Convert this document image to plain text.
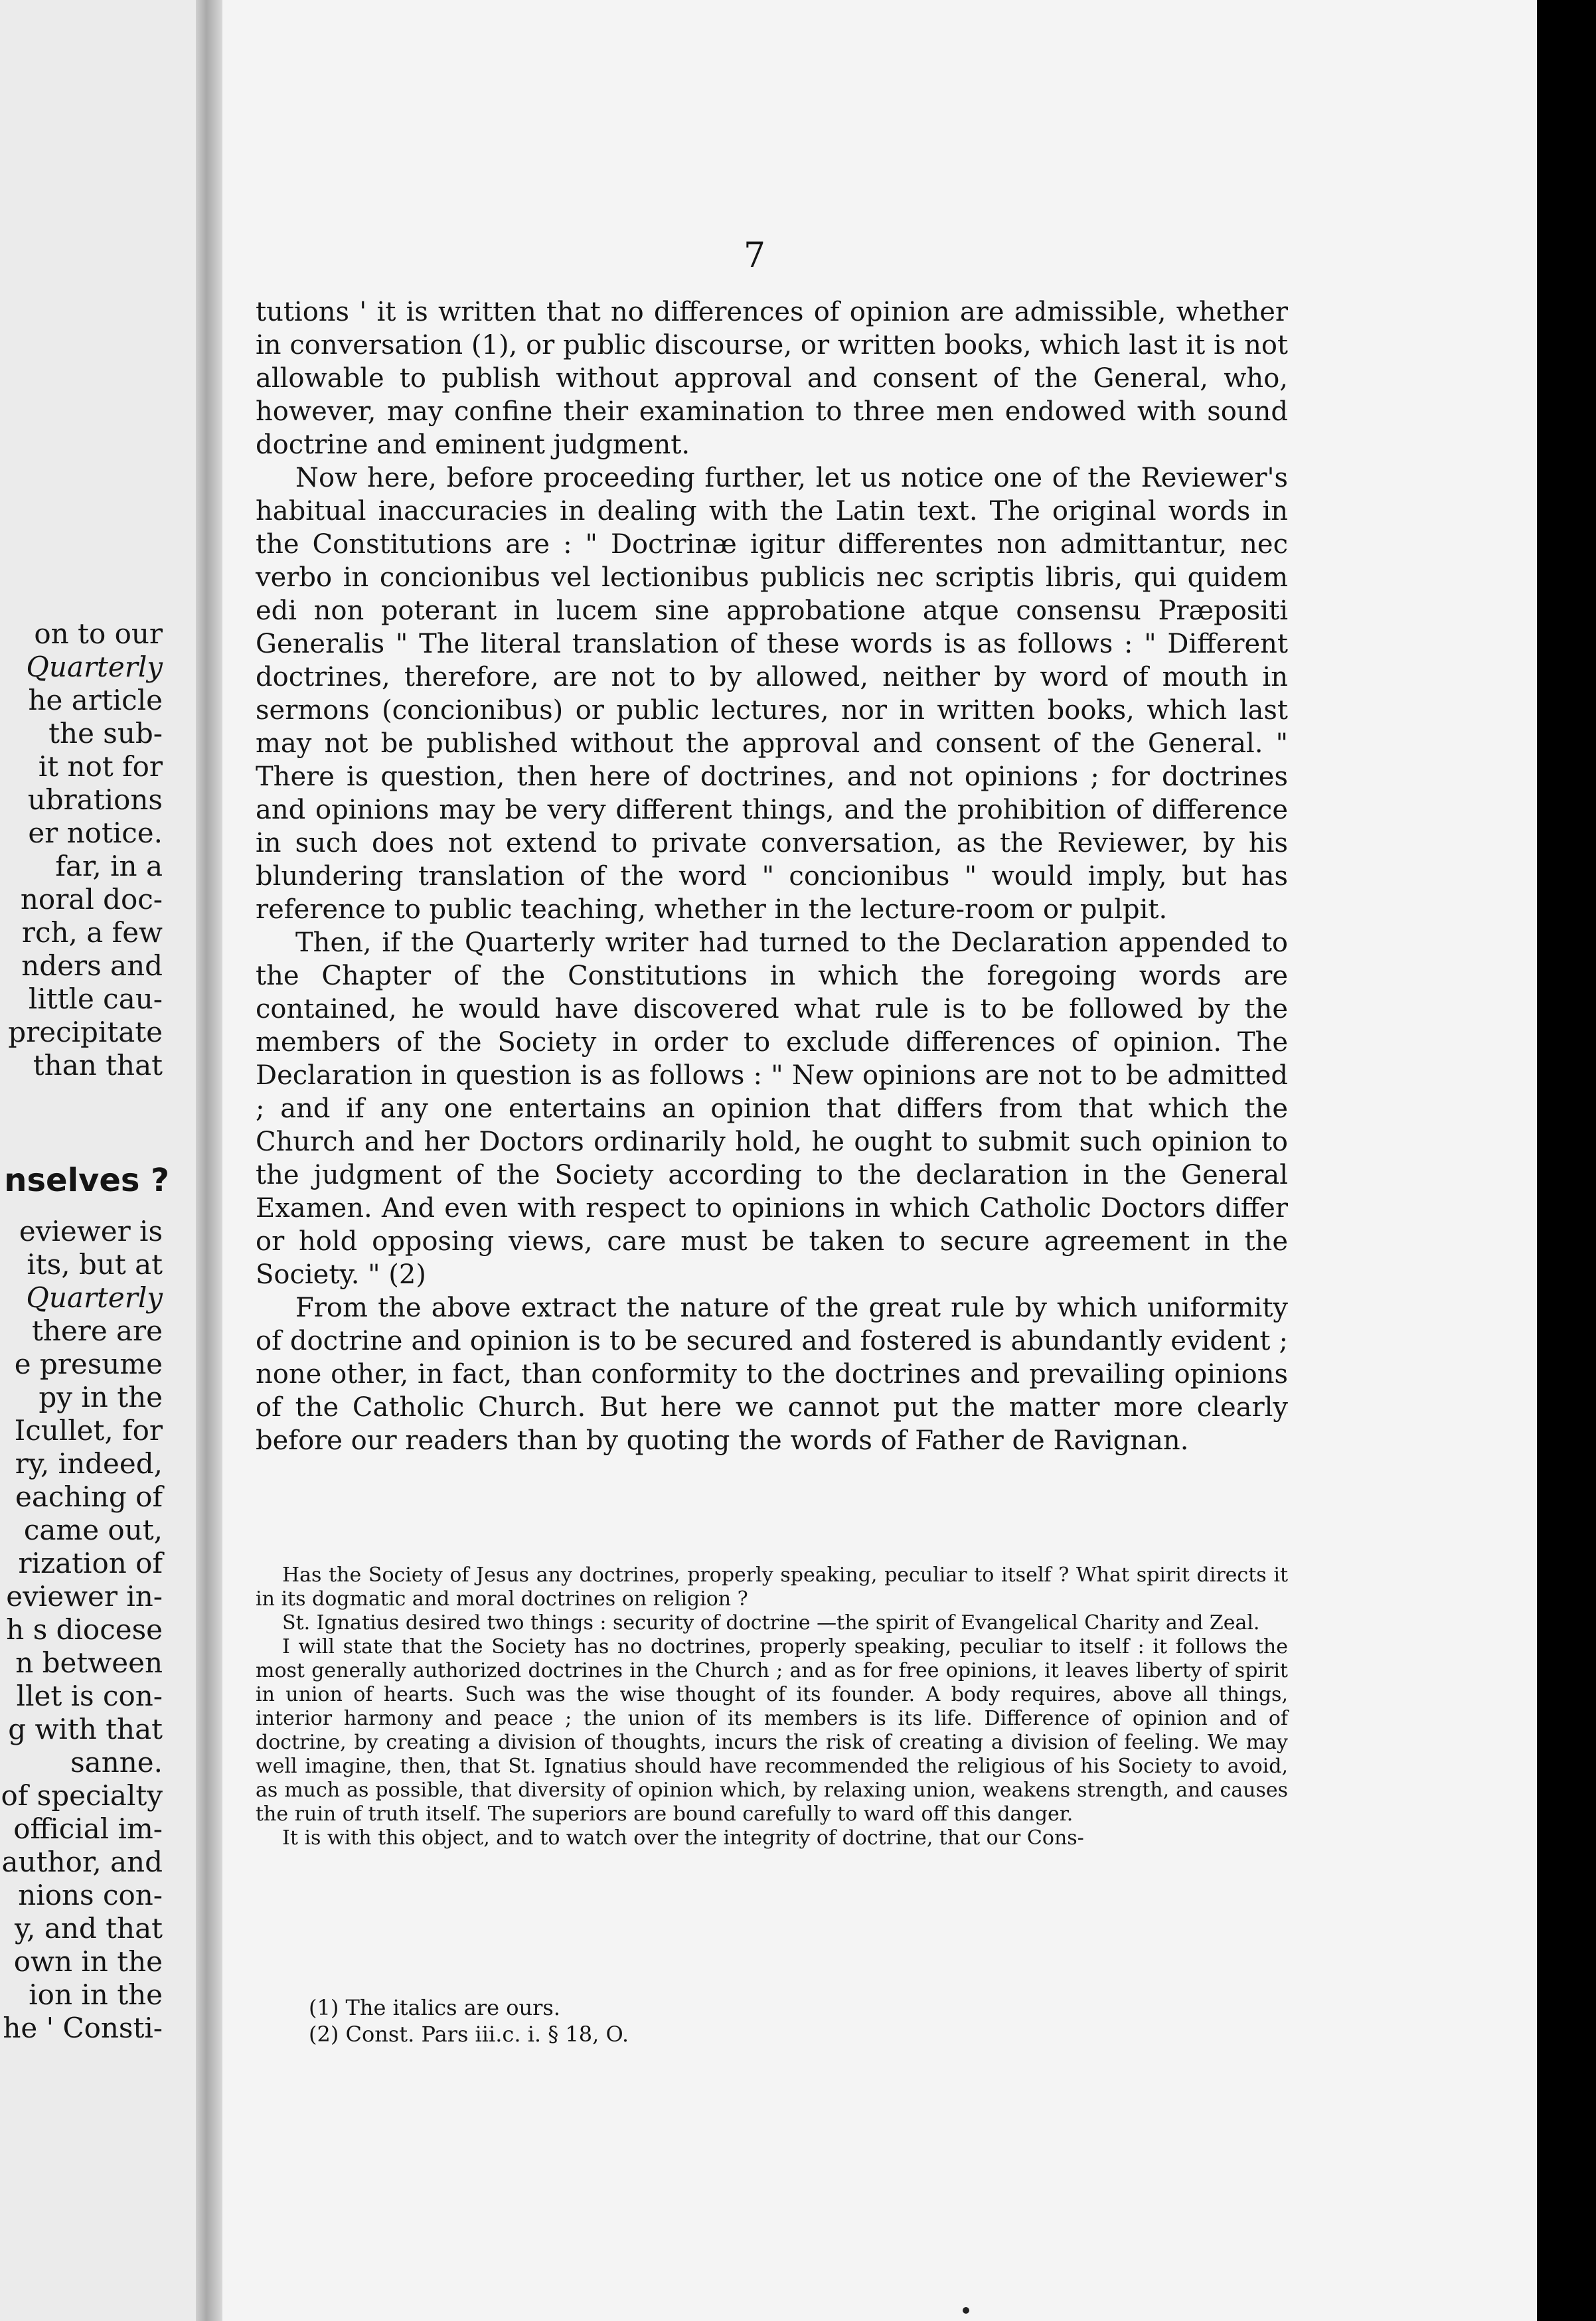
on to our
Quarterly
he article
the sub-
it not for
ubrations
er notice.
far, in a
noral doc-
rch, a few
nders and
little cau-
precipitate
than that
nselves ?
eviewer is
its, but at
Quarterly
there are
e presume
py in the
Icullet, for
ry, indeed,
eaching of
came out,
rization of
eviewer in-
h s diocese
n between
llet is con-
g with that
sanne.
of specialty
official im-
author, and
nions con-
y, and that
own in the
ion in the
he ' Consti-
7

tutions ' it is written that no differences of opinion are admissible, whether in conversation (1), or public discourse, or written books, which last it is not allowable to publish without approval and consent of the General, who, however, may confine their examination to three men endowed with sound doctrine and eminent judgment.

Now here, before proceeding further, let us notice one of the Reviewer's habitual inaccuracies in dealing with the Latin text. The original words in the Constitutions are : " Doctrinæ igitur differentes non admittantur, nec verbo in concionibus vel lectionibus publicis nec scriptis libris, qui quidem edi non poterant in lucem sine approbatione atque consensu Præpositi Generalis " The literal translation of these words is as follows : " Different doctrines, therefore, are not to by allowed, neither by word of mouth in sermons (concionibus) or public lectures, nor in written books, which last may not be published without the approval and consent of the General. " There is question, then here of doctrines, and not opinions ; for doctrines and opinions may be very different things, and the prohibition of difference in such does not extend to private conversation, as the Reviewer, by his blundering translation of the word " concionibus " would imply, but has reference to public teaching, whether in the lecture-room or pulpit.

Then, if the Quarterly writer had turned to the Declaration appended to the Chapter of the Constitutions in which the foregoing words are contained, he would have discovered what rule is to be followed by the members of the Society in order to exclude differences of opinion. The Declaration in question is as follows : " New opinions are not to be admitted ; and if any one entertains an opinion that differs from that which the Church and her Doctors ordinarily hold, he ought to submit such opinion to the judgment of the Society according to the declaration in the General Examen. And even with respect to opinions in which Catholic Doctors differ or hold opposing views, care must be taken to secure agreement in the Society. " (2)

From the above extract the nature of the great rule by which uniformity of doctrine and opinion is to be secured and fostered is abundantly evident ; none other, in fact, than conformity to the doctrines and prevailing opinions of the Catholic Church. But here we cannot put the matter more clearly before our readers than by quoting the words of Father de Ravignan.

Has the Society of Jesus any doctrines, properly speaking, peculiar to itself ? What spirit directs it in its dogmatic and moral doctrines on religion ?

St. Ignatius desired two things : security of doctrine —the spirit of Evangelical Charity and Zeal.

I will state that the Society has no doctrines, properly speaking, peculiar to itself : it follows the most generally authorized doctrines in the Church ; and as for free opinions, it leaves liberty of spirit in union of hearts. Such was the wise thought of its founder. A body requires, above all things, interior harmony and peace ; the union of its members is its life. Difference of opinion and of doctrine, by creating a division of thoughts, incurs the risk of creating a division of feeling. We may well imagine, then, that St. Ignatius should have recommended the religious of his Society to avoid, as much as possible, that diversity of opinion which, by relaxing union, weakens strength, and causes the ruin of truth itself. The superiors are bound carefully to ward off this danger.

It is with this object, and to watch over the integrity of doctrine, that our Cons-

(1) The italics are ours.
(2) Const. Pars iii.c. i. § 18, O.
